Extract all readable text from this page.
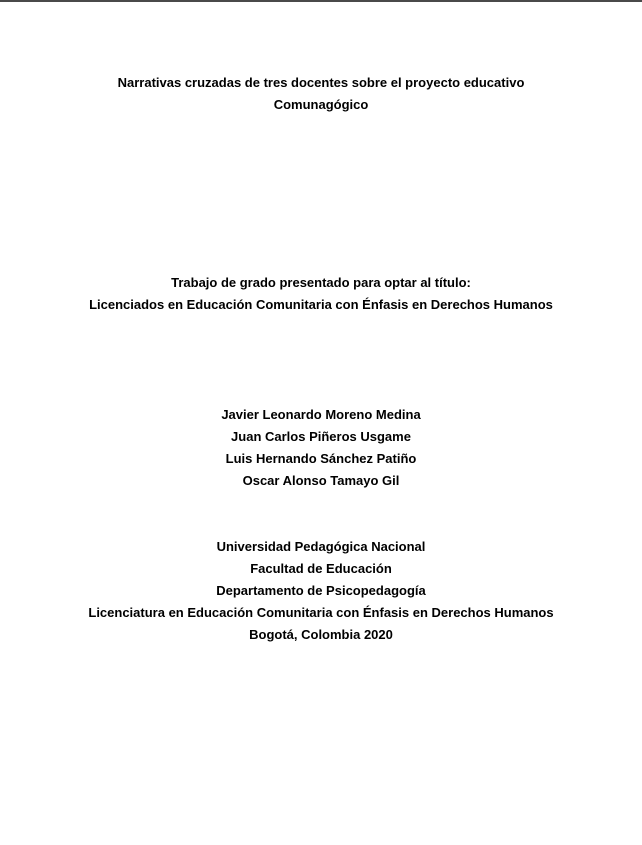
Narrativas cruzadas de tres docentes sobre el proyecto educativo
Comunagógico
Trabajo de grado presentado para optar al título:
Licenciados en Educación Comunitaria con Énfasis en Derechos Humanos
Javier Leonardo Moreno Medina
Juan Carlos Piñeros Usgame
Luis Hernando Sánchez Patiño
Oscar Alonso Tamayo Gil
Universidad Pedagógica Nacional
Facultad de Educación
Departamento de Psicopedagogía
Licenciatura en Educación Comunitaria con Énfasis en Derechos Humanos
Bogotá, Colombia 2020
